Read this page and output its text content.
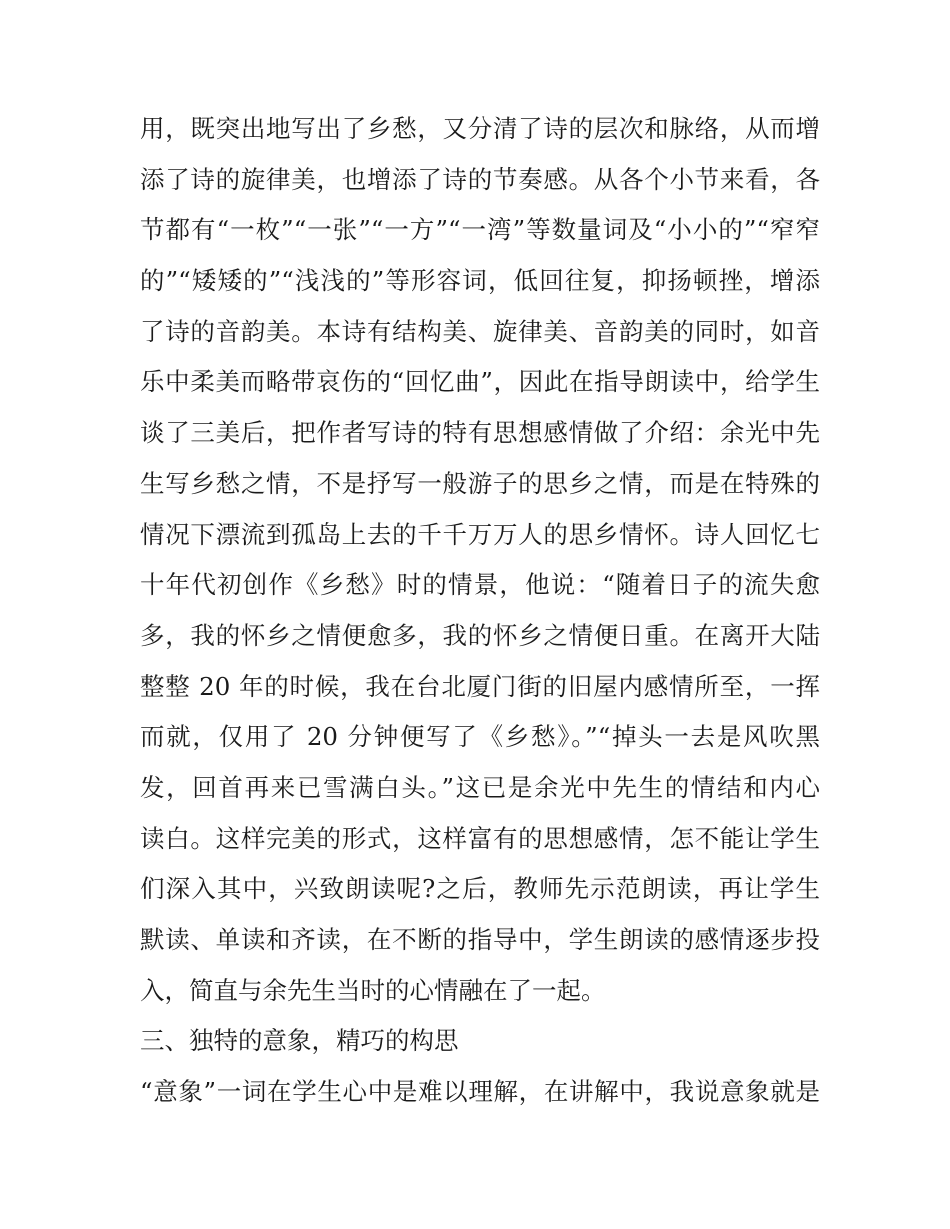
用，既突出地写出了乡愁，又分清了诗的层次和脉络，从而增
添了诗的旋律美，也增添了诗的节奏感。从各个小节来看，各
节都有“一枚”“一张”“一方”“一湾”等数量词及“小小的”“窄窄
的”“矮矮的”“浅浅的”等形容词，低回往复，抑扬顿挫，增添
了诗的音韵美。本诗有结构美、旋律美、音韵美的同时，如音
乐中柔美而略带哀伤的“回忆曲”，因此在指导朗读中，给学生
谈了三美后，把作者写诗的特有思想感情做了介绍：余光中先
生写乡愁之情，不是抒写一般游子的思乡之情，而是在特殊的
情况下漂流到孤岛上去的千千万万人的思乡情怀。诗人回忆七
十年代初创作《乡愁》时的情景，他说：“随着日子的流失愈
多，我的怀乡之情便愈多，我的怀乡之情便日重。在离开大陆
整整 20 年的时候，我在台北厦门街的旧屋内感情所至，一挥
而就，仅用了 20 分钟便写了《乡愁》。”“掉头一去是风吹黑
发，回首再来已雪满白头。”这已是余光中先生的情结和内心
读白。这样完美的形式，这样富有的思想感情，怎不能让学生
们深入其中，兴致朗读呢?之后，教师先示范朗读，再让学生
默读、单读和齐读，在不断的指导中，学生朗读的感情逐步投
入，简直与余先生当时的心情融在了一起。
三、独特的意象，精巧的构思
“意象”一词在学生心中是难以理解，在讲解中，我说意象就是
